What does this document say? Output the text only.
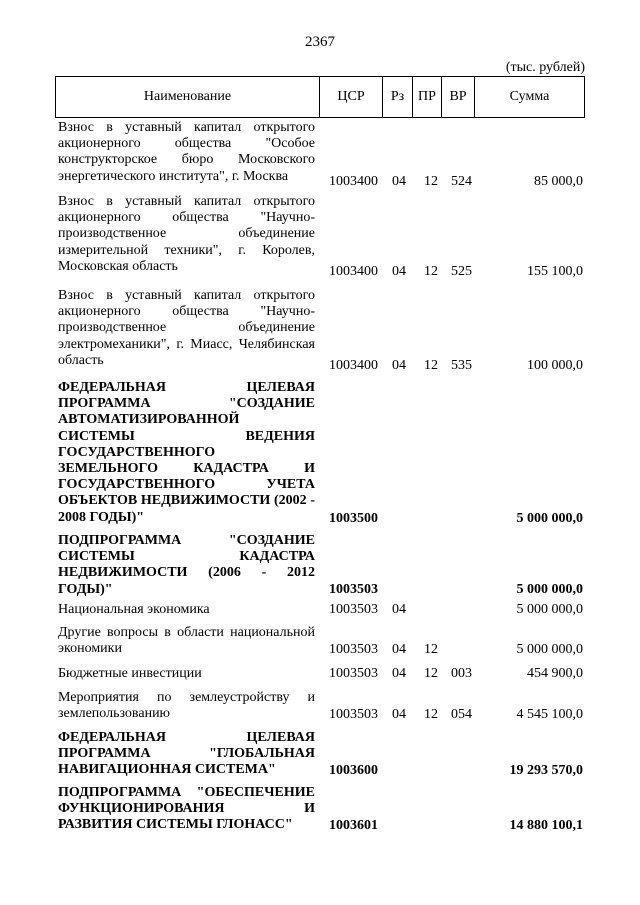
2367
(тыс. рублей)
Наименование	ЦСР	Рз ПР ВР	Сумма
Взнос в уставный капитал открытого акционерного общества "Особое конструкторское бюро Московского энергетического института", г. Москва	1003400 04 12 524	85 000,0
Взнос в уставный капитал открытого акционерного общества "Научно-производственное объединение измерительной техники", г. Королев, Московская область	1003400 04 12 525	155 100,0
Взнос в уставный капитал открытого акционерного общества "Научно-производственное объединение электромеханики", г. Миасс, Челябинская область	1003400 04 12 535	100 000,0
ФЕДЕРАЛЬНАЯ ЦЕЛЕВАЯ ПРОГРАММА "СОЗДАНИЕ АВТОМАТИЗИРОВАННОЙ СИСТЕМЫ ВЕДЕНИЯ ГОСУДАРСТВЕННОГО ЗЕМЕЛЬНОГО КАДАСТРА И ГОСУДАРСТВЕННОГО УЧЕТА ОБЪЕКТОВ НЕДВИЖИМОСТИ (2002 - 2008 ГОДЫ)"	1003500	5 000 000,0
ПОДПРОГРАММА "СОЗДАНИЕ СИСТЕМЫ КАДАСТРА НЕДВИЖИМОСТИ (2006 - 2012 ГОДЫ)"	1003503	5 000 000,0
Национальная экономика	1003503 04	5 000 000,0
Другие вопросы в области национальной экономики	1003503 04 12	5 000 000,0
Бюджетные инвестиции	1003503 04 12 003	454 900,0
Мероприятия по землеустройству и землепользованию	1003503 04 12 054	4 545 100,0
ФЕДЕРАЛЬНАЯ ЦЕЛЕВАЯ ПРОГРАММА "ГЛОБАЛЬНАЯ НАВИГАЦИОННАЯ СИСТЕМА"	1003600	19 293 570,0
ПОДПРОГРАММА "ОБЕСПЕЧЕНИЕ ФУНКЦИОНИРОВАНИЯ И РАЗВИТИЯ СИСТЕМЫ ГЛОНАСС"	1003601	14 880 100,1
